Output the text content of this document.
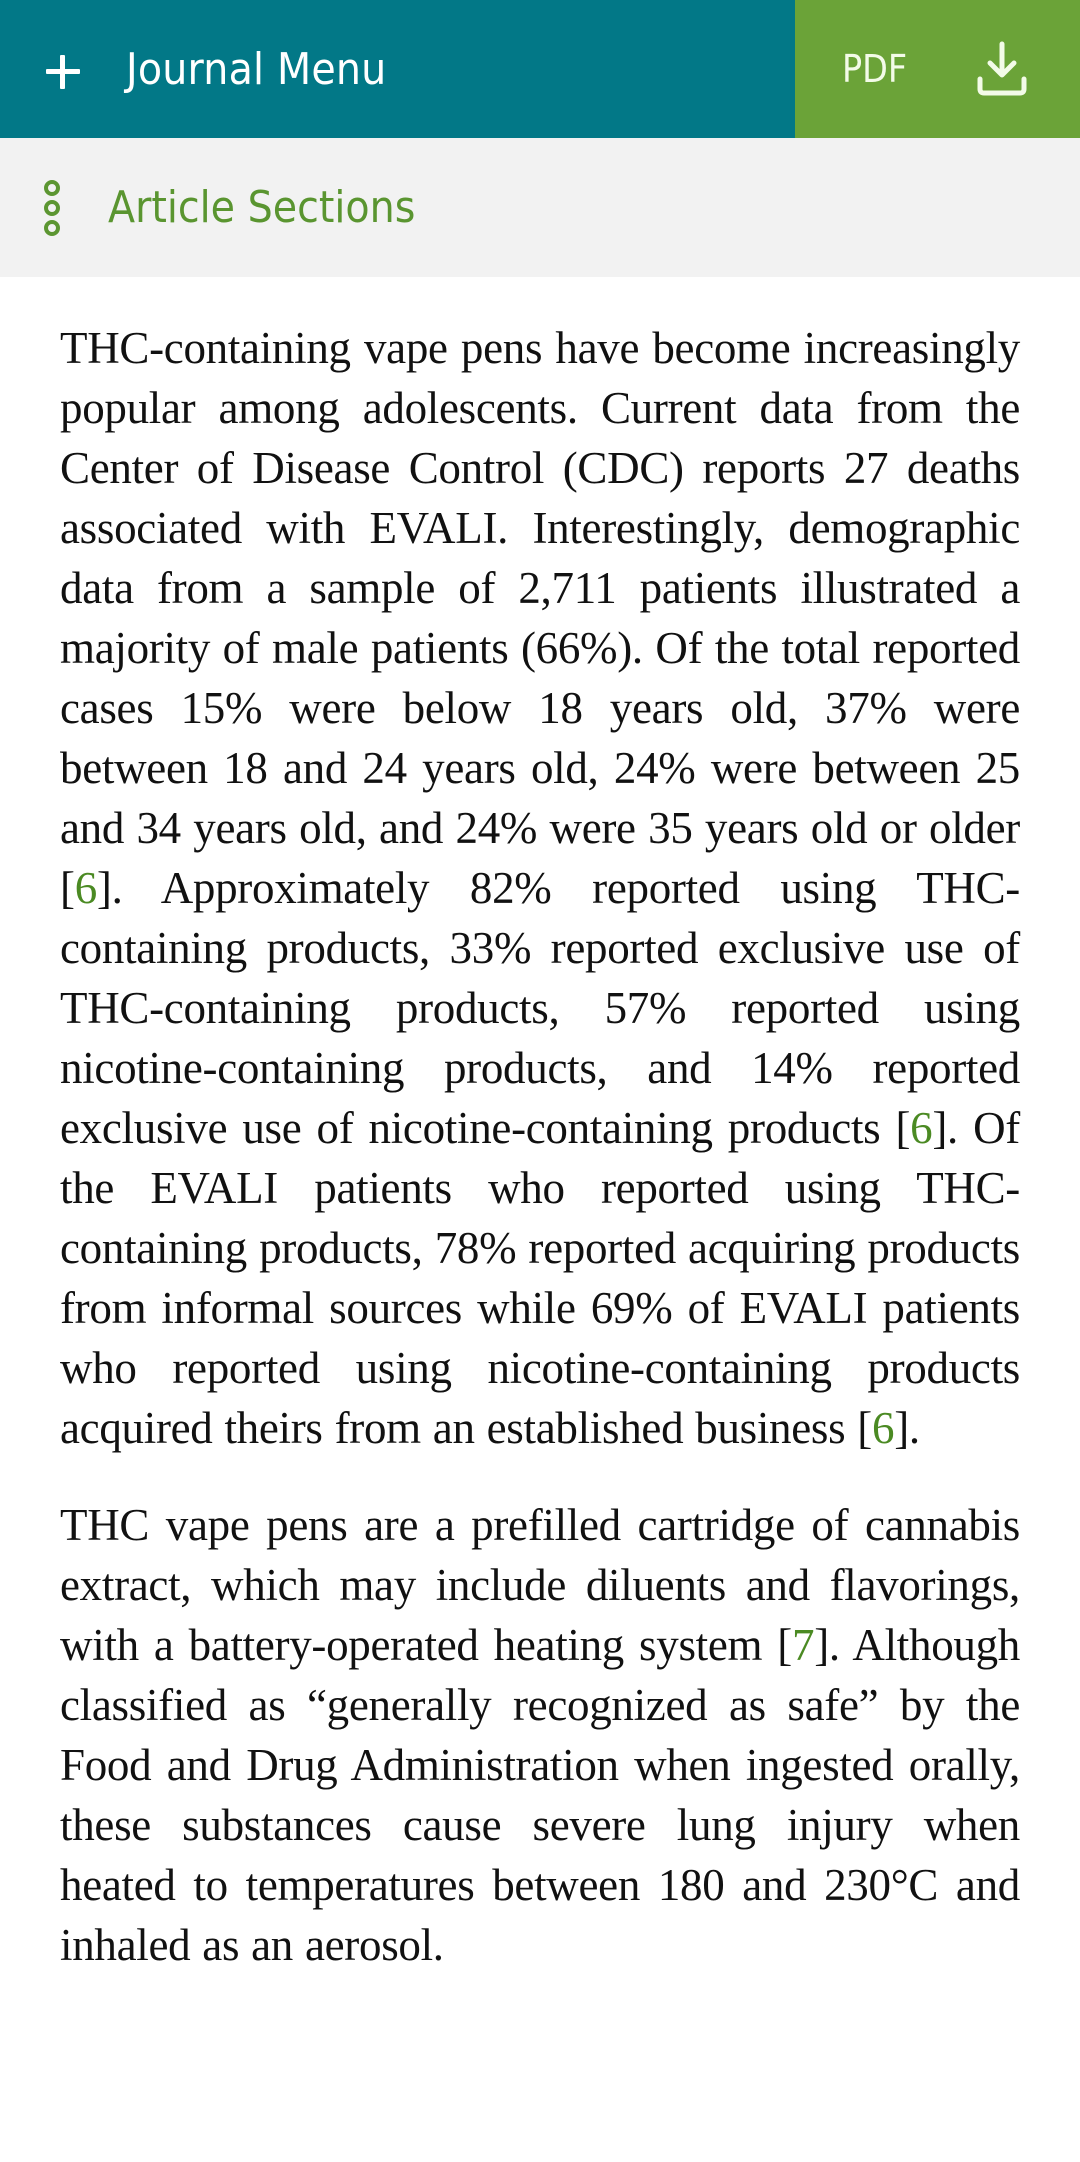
Journal Menu	PDF
Article Sections

THC-containing vape pens have become increasingly popular among adolescents. Current data from the Center of Disease Control (CDC) reports 27 deaths associated with EVALI. Interestingly, demographic data from a sample of 2,711 patients illustrated a majority of male patients (66%). Of the total reported cases 15% were below 18 years old, 37% were between 18 and 24 years old, 24% were between 25 and 34 years old, and 24% were 35 years old or older [6]. Approximately 82% reported using THC-containing products, 33% reported exclusive use of THC-containing products, 57% reported using nicotine-containing products, and 14% reported exclusive use of nicotine-containing products [6]. Of the EVALI patients who reported using THC-containing products, 78% reported acquiring products from informal sources while 69% of EVALI patients who reported using nicotine-containing products acquired theirs from an established business [6].

THC vape pens are a prefilled cartridge of cannabis extract, which may include diluents and flavorings, with a battery-operated heating system [7]. Although classified as “generally recognized as safe” by the Food and Drug Administration when ingested orally, these substances cause severe lung injury when heated to temperatures between 180 and 230°C and inhaled as an aerosol.
